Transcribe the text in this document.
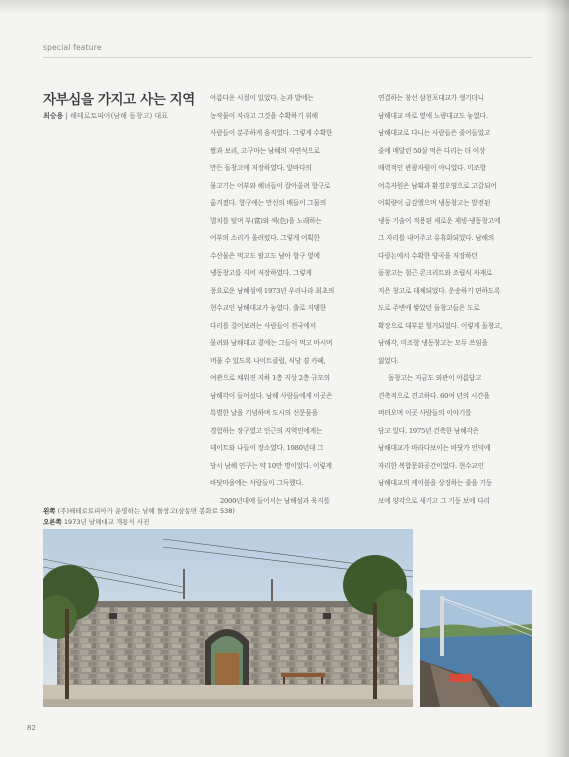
special feature
자부심을 가지고 사는 지역
최승용 | 해테로토피아(남해 돌창고) 대표
아름다운 시절이 있었다. 논과 밭에는
농작물이 자라고 그것을 수확하기 위해
사람들이 분주하게 움직였다. 그렇게 수확한
쌀과 보리, 고구마는 남해의 자연석으로
만든 돌창고에 저장하였다. 앞바다의
물고기는 어부와 해녀들이 잡아올려 항구로
옮겨졌다. 항구에는 만선의 배들이 그물의
멸치를 털며 부(富)와 색(色)을 노래하는
어부의 소리가 울려펐다. 그렇게 어획한
수산물은 먹고도 팔고도 남아 항구 옆에
냉동창고를 지어 저장하였다. 그렇게
풍요로운 남해섬에 1973년 우리나라 최초의
현수교인 남해대교가 놓였다. 출로 지탱한
다리를 걸어보려는 사람들이 전국에서
몰려와 남해대교 곁에는 그들이 먹고 마시며
머물 수 있도록 나이트클럽, 식당 겸 카페,
여관으로 채워진 지하 1층 지상 2층 규모의
남해각이 들어섰다. 남해 사람들에게 이곳은
특별한 날을 기념하며 도시의 신문물을
경험하는 장구였고 인근의 지역민에게는
데이트와 나들이 장소였다. 1980년대 그
당시 남해 인구는 약 10만 명이었다. 이렇게
바닷마을에는 사람들이 그득했다.
2000년대에 들어서는 남해섬과 육지를
연결하는 창선 삼천포대교가 생기더니
남해대교 바로 옆에 노량대교도 놓였다.
남해대교로 다니는 사람들은 줄어들었고
줄에 매달린 50살 먹은 다리는 더 이상
매력적인 관광자원이 아니었다. 미조항
어촉자원은 남획과 환경오염으로 고갈되어
어획량이 급감했으며 냉동창고는 발전된
냉동 기술이 적용된 새로운 제빙·냉동창고에
그 자리를 내어주고 유휴화되었다. 남해의
다랑논에서 수확한 양곡을 저장하던
돌창고는 철근 콘크리트와 조립식 자재로
지은 창고로 대체되었다. 운송하기 편하도록
도로 주변에 쌓았던 돌창고들은 도로
확장으로 대부분 헐거되었다. 이렇게 돌창고,
남해각, 미조항 냉동창고는 모두 쓰임을
잃었다.
돌창고는 지금도 외관이 아름답고
견축적으로 견고하다. 60여 년의 시간을
버텨오며 이곳 사람들의 이야기를
담고 있다. 1975년 건축한 남해각은
남해대교가 바라다보이는 바닷가 언덕에
자리한 복합문화공간이었다. 현수교인
남해대교의 케이블을 상징하는 줄을 기둥
보에 양각으로 새기고 그 기둥 보에 다리
왼쪽 (주)헤테로토피아가 운영하는 남해 돌창고(삼동면 봉화로 538)
오른쪽 1973년 남해대교 개통식 사진
82
